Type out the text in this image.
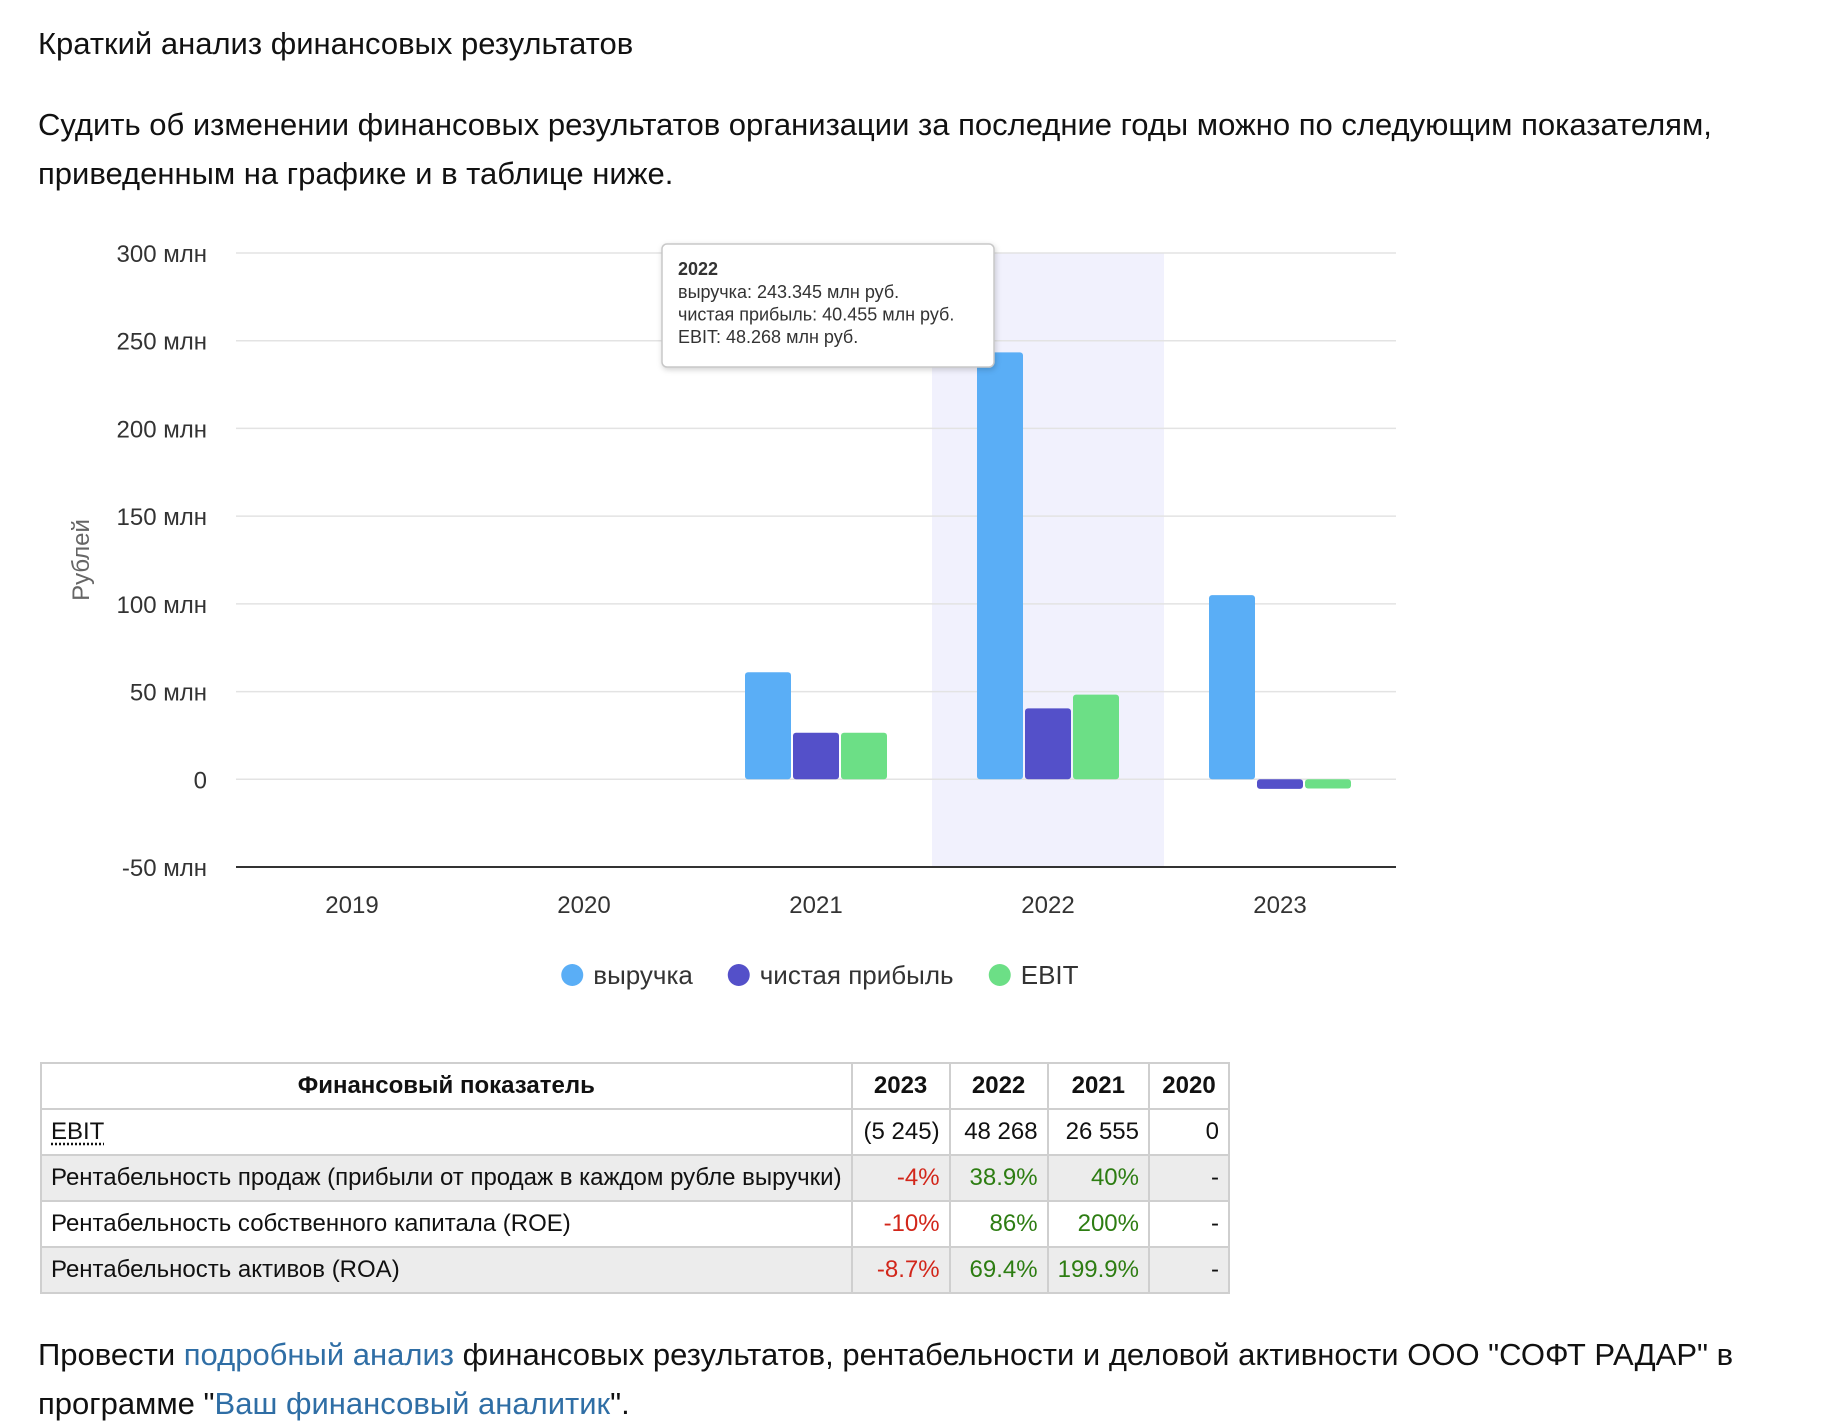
Краткий анализ финансовых результатов

Судить об изменении финансовых результатов организации за последние годы можно по следующим показателям, приведенным на графике и в таблице ниже.

-50 млн
0
50 млн
100 млн
150 млн
200 млн
250 млн
300 млн
Рублей
2019	2020	2021	2022	2023
выручка	чистая прибыль	EBIT
2022
выручка: 243.345 млн руб.
чистая прибыль: 40.455 млн руб.
EBIT: 48.268 млн руб.
Финансовый показатель	2023	2022	2021	2020
EBIT	(5 245)	48 268	26 555	0
Рентабельность продаж (прибыли от продаж в каждом рубле выручки)	-4%	38.9%	40%	-
Рентабельность собственного капитала (ROE)	-10%	86%	200%	-
Рентабельность активов (ROA)	-8.7%	69.4%	199.9%	-

Провести подробный анализ финансовых результатов, рентабельности и деловой активности ООО "СОФТ РАДАР" в программе "Ваш финансовый аналитик".
